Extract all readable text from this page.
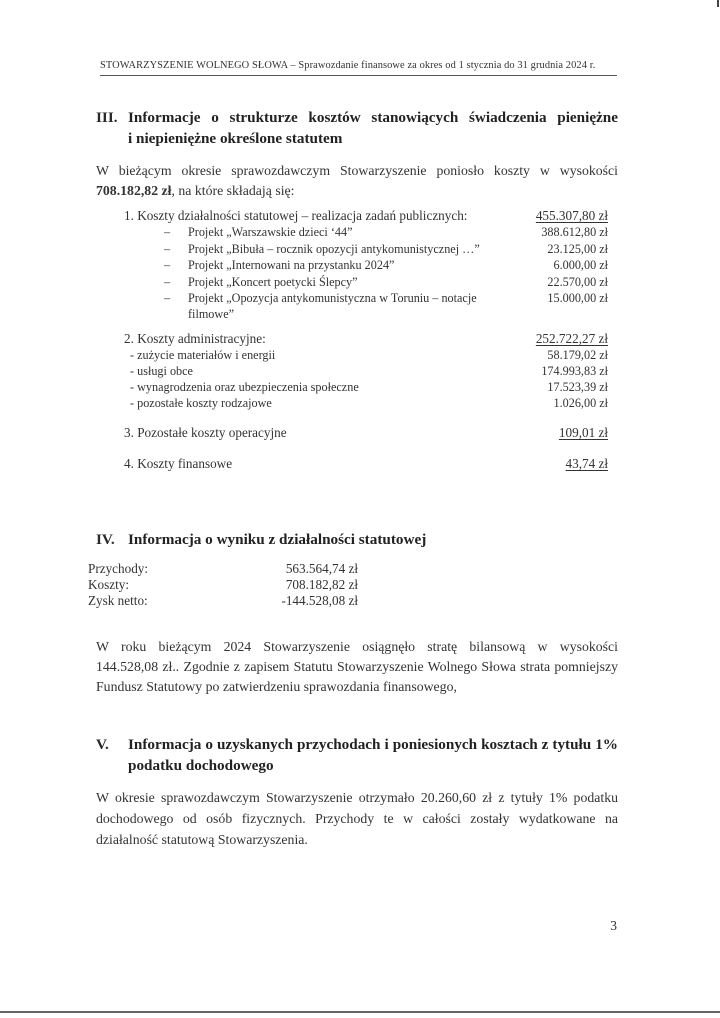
STOWARZYSZENIE WOLNEGO SŁOWA – Sprawozdanie finansowe za okres od 1 stycznia do 31 grudnia 2024 r.
III. Informacje o strukturze kosztów stanowiących świadczenia pieniężne
i niepieniężne określone statutem
W bieżącym okresie sprawozdawczym Stowarzyszenie poniosło koszty w wysokości
708.182,82 zł, na które składają się:
1. Koszty działalności statutowej – realizacja zadań publicznych:	455.307,80 zł
– Projekt „Warszawskie dzieci ‘44”	388.612,80 zł
– Projekt „Bibuła – rocznik opozycji antykomunistycznej …”	23.125,00 zł
– Projekt „Internowani na przystanku 2024”	6.000,00 zł
– Projekt „Koncert poetycki Ślepcy”	22.570,00 zł
– Projekt „Opozycja antykomunistyczna w Toruniu – notacje
filmowe”
15.000,00 zł
2. Koszty administracyjne:	252.722,27 zł
- zużycie materiałów i energii	58.179,02 zł
- usługi obce	174.993,83 zł
- wynagrodzenia oraz ubezpieczenia społeczne	17.523,39 zł
- pozostałe koszty rodzajowe	1.026,00 zł
3. Pozostałe koszty operacyjne	109,01 zł
4. Koszty finansowe	43,74 zł
IV. Informacja o wyniku z działalności statutowej
Przychody:	563.564,74 zł
Koszty:	708.182,82 zł
Zysk netto:	-144.528,08 zł
W roku bieżącym 2024 Stowarzyszenie osiągnęło stratę bilansową w wysokości
144.528,08 zł.. Zgodnie z zapisem Statutu Stowarzyszenie Wolnego Słowa strata pomniejszy
Fundusz Statutowy po zatwierdzeniu sprawozdania finansowego,
V. Informacja o uzyskanych przychodach i poniesionych kosztach z tytułu 1%
podatku dochodowego
W okresie sprawozdawczym Stowarzyszenie otrzymało 20.260,60 zł z tytuły 1% podatku
dochodowego od osób fizycznych. Przychody te w całości zostały wydatkowane na
działalność statutową Stowarzyszenia.
3
